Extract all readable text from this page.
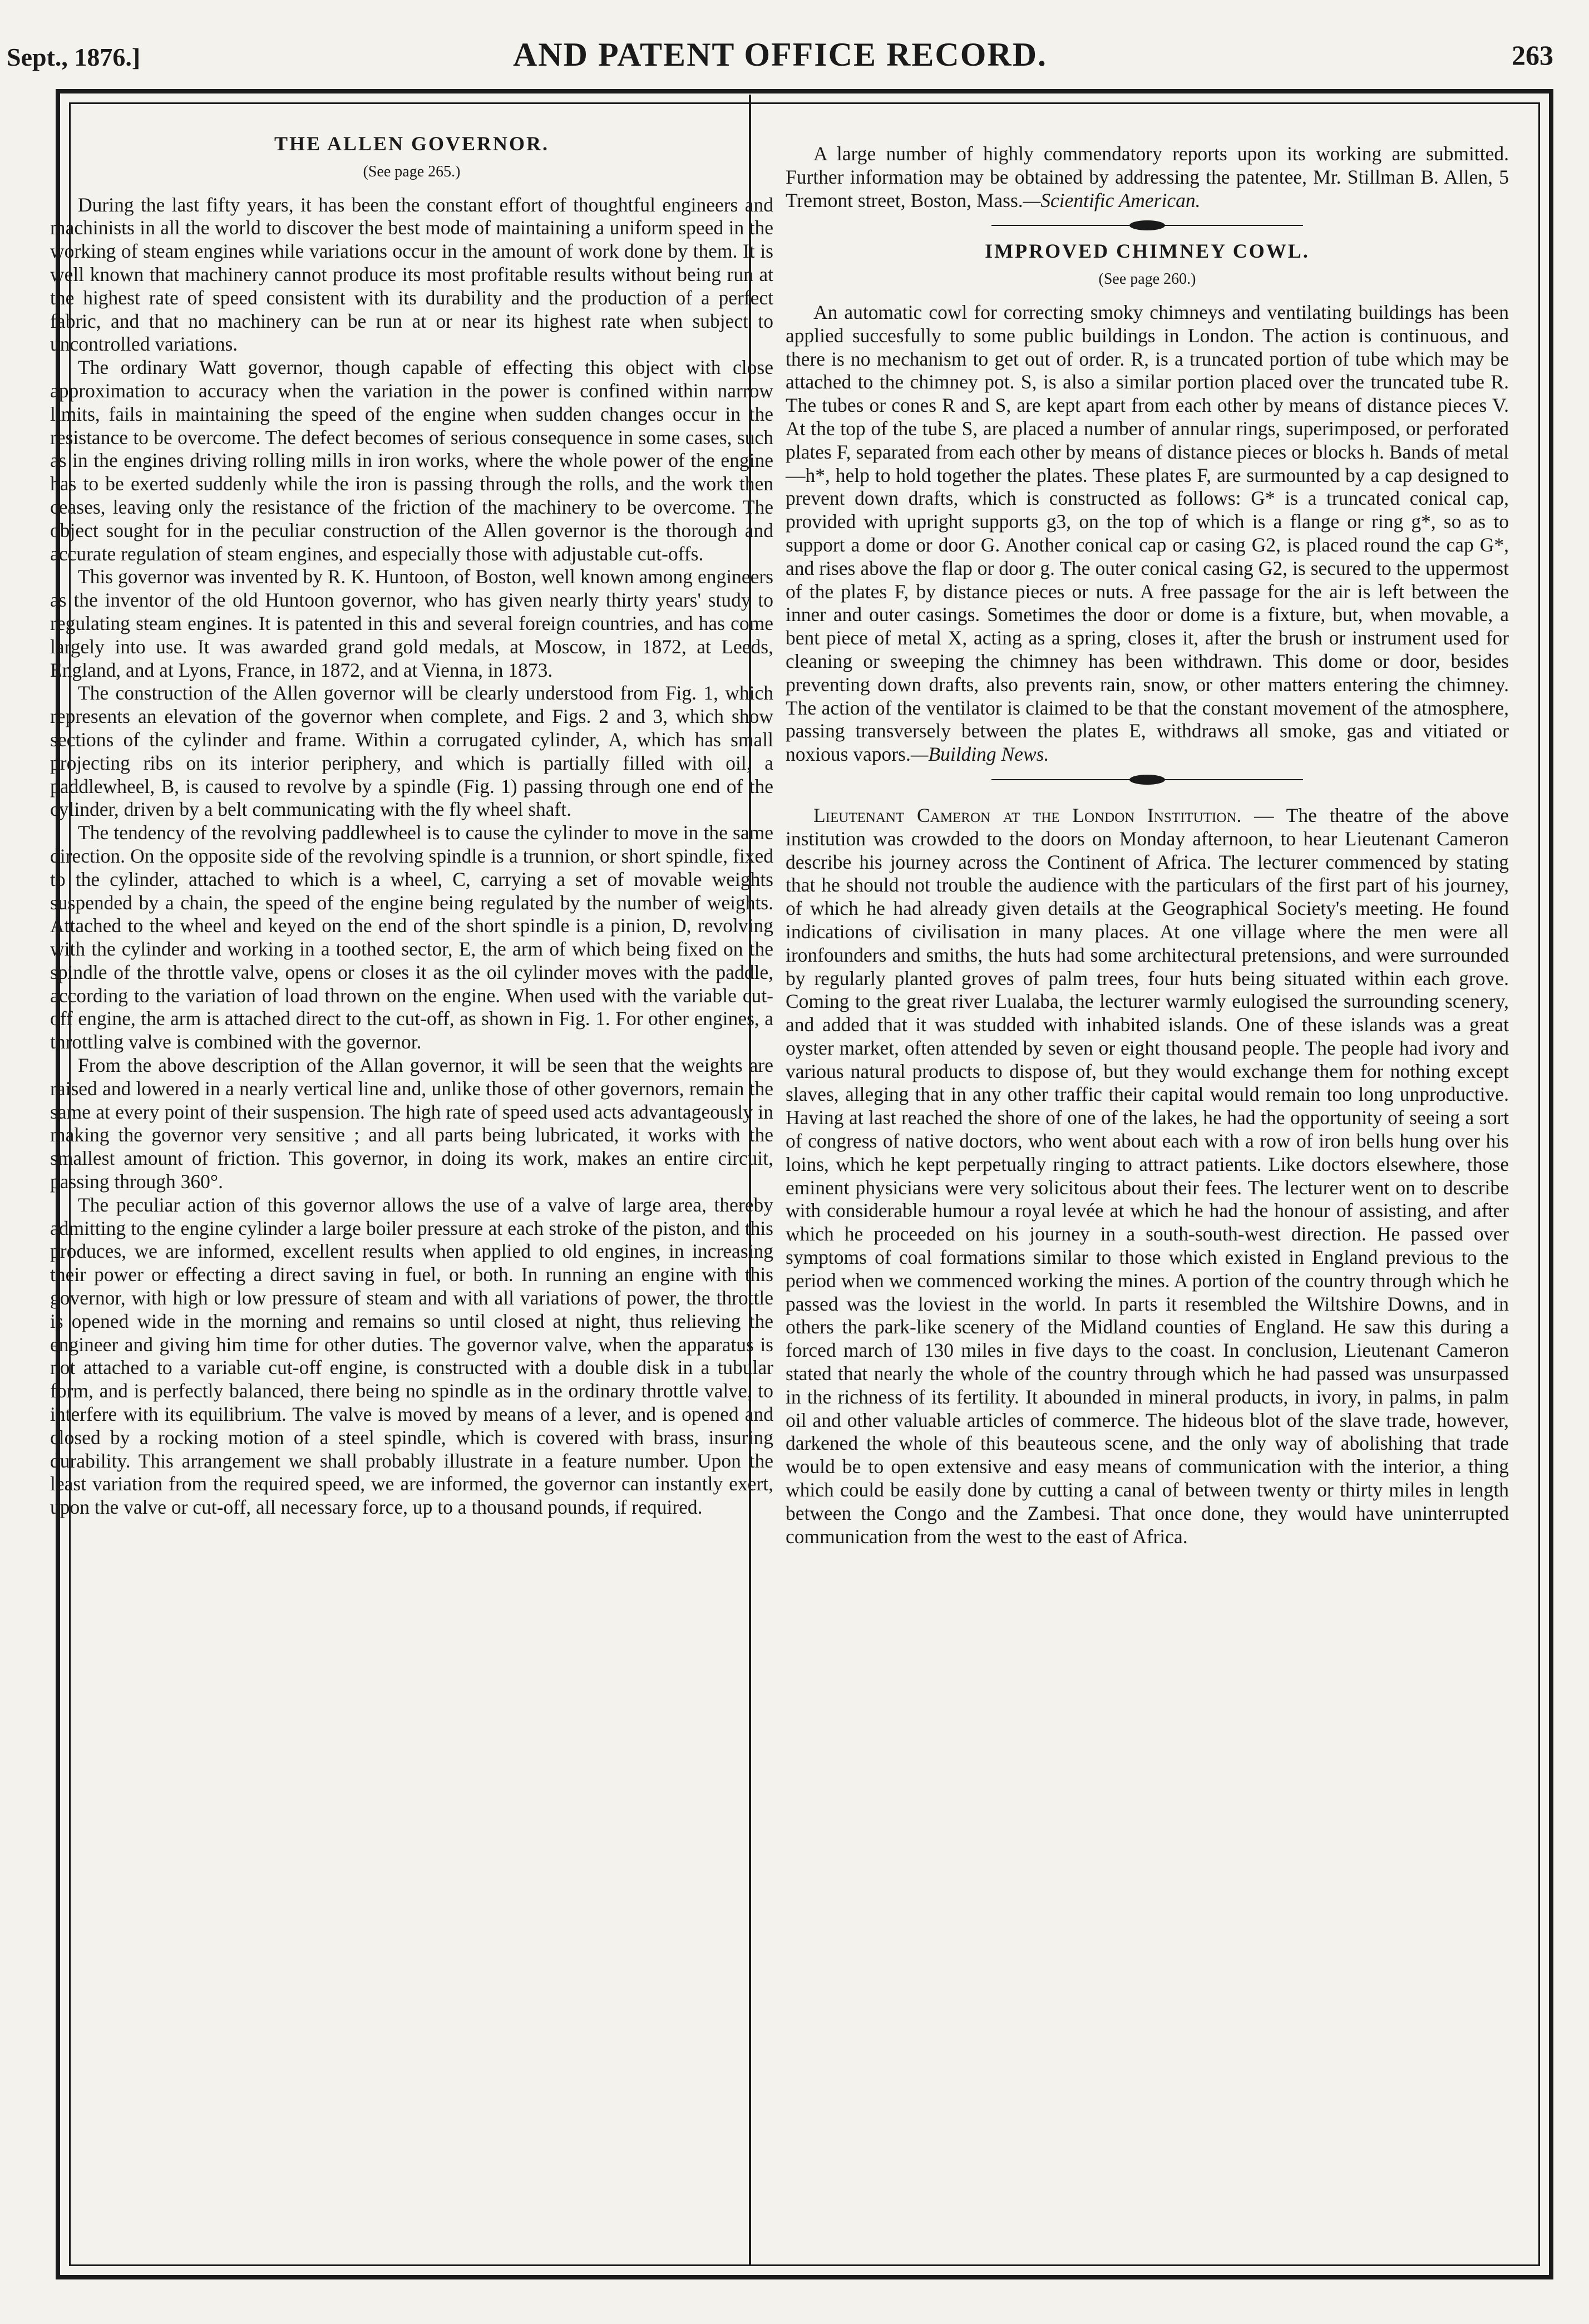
Sept., 1876.]	AND PATENT OFFICE RECORD.	263
THE ALLEN GOVERNOR.
(See page 265.)

During the last fifty years, it has been the constant effort of thoughtful engineers and machinists in all the world to discover the best mode of maintaining a uniform speed in the working of steam engines while variations occur in the amount of work done by them. It is well known that machinery cannot produce its most profitable results without being run at the highest rate of speed consistent with its durability and the production of a perfect fabric, and that no machinery can be run at or near its highest rate when subject to uncontrolled variations.

The ordinary Watt governor, though capable of effecting this object with close approximation to accuracy when the variation in the power is confined within narrow limits, fails in maintaining the speed of the engine when sudden changes occur in the resistance to be overcome. The defect becomes of serious consequence in some cases, such as in the engines driving rolling mills in iron works, where the whole power of the engine has to be exerted suddenly while the iron is passing through the rolls, and the work then ceases, leaving only the resistance of the friction of the machinery to be overcome. The object sought for in the peculiar construction of the Allen governor is the thorough and accurate regulation of steam engines, and especially those with adjustable cut-offs.

This governor was invented by R. K. Huntoon, of Boston, well known among engineers as the inventor of the old Huntoon governor, who has given nearly thirty years' study to regulating steam engines. It is patented in this and several foreign countries, and has come largely into use. It was awarded grand gold medals, at Moscow, in 1872, at Leeds, England, and at Lyons, France, in 1872, and at Vienna, in 1873.

The construction of the Allen governor will be clearly understood from Fig. 1, which represents an elevation of the governor when complete, and Figs. 2 and 3, which show sections of the cylinder and frame. Within a corrugated cylinder, A, which has small projecting ribs on its interior periphery, and which is partially filled with oil, a paddlewheel, B, is caused to revolve by a spindle (Fig. 1) passing through one end of the cylinder, driven by a belt communicating with the fly wheel shaft.

The tendency of the revolving paddlewheel is to cause the cylinder to move in the same direction. On the opposite side of the revolving spindle is a trunnion, or short spindle, fixed to the cylinder, attached to which is a wheel, C, carrying a set of movable weights suspended by a chain, the speed of the engine being regulated by the number of weights. Attached to the wheel and keyed on the end of the short spindle is a pinion, D, revolving with the cylinder and working in a toothed sector, E, the arm of which being fixed on the spindle of the throttle valve, opens or closes it as the oil cylinder moves with the paddle, according to the variation of load thrown on the engine. When used with the variable cut-off engine, the arm is attached direct to the cut-off, as shown in Fig. 1. For other engines, a throttling valve is combined with the governor.

From the above description of the Allan governor, it will be seen that the weights are raised and lowered in a nearly vertical line and, unlike those of other governors, remain the same at every point of their suspension. The high rate of speed used acts advantageously in making the governor very sensitive ; and all parts being lubricated, it works with the smallest amount of friction. This governor, in doing its work, makes an entire circuit, passing through 360°.

The peculiar action of this governor allows the use of a valve of large area, thereby admitting to the engine cylinder a large boiler pressure at each stroke of the piston, and this produces, we are informed, excellent results when applied to old engines, in increasing their power or effecting a direct saving in fuel, or both. In running an engine with this governor, with high or low pressure of steam and with all variations of power, the throttle is opened wide in the morning and remains so until closed at night, thus relieving the engineer and giving him time for other duties. The governor valve, when the apparatus is not attached to a variable cut-off engine, is constructed with a double disk in a tubular form, and is perfectly balanced, there being no spindle as in the ordinary throttle valve, to interfere with its equilibrium. The valve is moved by means of a lever, and is opened and closed by a rocking motion of a steel spindle, which is covered with brass, insuring durability. This arrangement we shall probably illustrate in a feature number. Upon the least variation from the required speed, we are informed, the governor can instantly exert, upon the valve or cut-off, all necessary force, up to a thousand pounds, if required.

A large number of highly commendatory reports upon its working are submitted. Further information may be obtained by addressing the patentee, Mr. Stillman B. Allen, 5 Tremont street, Boston, Mass.—Scientific American.

IMPROVED CHIMNEY COWL.
(See page 260.)

An automatic cowl for correcting smoky chimneys and ventilating buildings has been applied succesfully to some public buildings in London. The action is continuous, and there is no mechanism to get out of order. R, is a truncated portion of tube which may be attached to the chimney pot. S, is also a similar portion placed over the truncated tube R. The tubes or cones R and S, are kept apart from each other by means of distance pieces V. At the top of the tube S, are placed a number of annular rings, superimposed, or perforated plates F, separated from each other by means of distance pieces or blocks h. Bands of metal —h*, help to hold together the plates. These plates F, are surmounted by a cap designed to prevent down drafts, which is constructed as follows: G* is a truncated conical cap, provided with upright supports g3, on the top of which is a flange or ring g*, so as to support a dome or door G. Another conical cap or casing G2, is placed round the cap G*, and rises above the flap or door g. The outer conical casing G2, is secured to the uppermost of the plates F, by distance pieces or nuts. A free passage for the air is left between the inner and outer casings. Sometimes the door or dome is a fixture, but, when movable, a bent piece of metal X, acting as a spring, closes it, after the brush or instrument used for cleaning or sweeping the chimney has been withdrawn. This dome or door, besides preventing down drafts, also prevents rain, snow, or other matters entering the chimney. The action of the ventilator is claimed to be that the constant movement of the atmosphere, passing transversely between the plates E, withdraws all smoke, gas and vitiated or noxious vapors.—Building News.

Lieutenant Cameron at the London Institution. — The theatre of the above institution was crowded to the doors on Monday afternoon, to hear Lieutenant Cameron describe his journey across the Continent of Africa. The lecturer commenced by stating that he should not trouble the audience with the particulars of the first part of his journey, of which he had already given details at the Geographical Society's meeting. He found indications of civilisation in many places. At one village where the men were all ironfounders and smiths, the huts had some architectural pretensions, and were surrounded by regularly planted groves of palm trees, four huts being situated within each grove. Coming to the great river Lualaba, the lecturer warmly eulogised the surrounding scenery, and added that it was studded with inhabited islands. One of these islands was a great oyster market, often attended by seven or eight thousand people. The people had ivory and various natural products to dispose of, but they would exchange them for nothing except slaves, alleging that in any other traffic their capital would remain too long unproductive. Having at last reached the shore of one of the lakes, he had the opportunity of seeing a sort of congress of native doctors, who went about each with a row of iron bells hung over his loins, which he kept perpetually ringing to attract patients. Like doctors elsewhere, those eminent physicians were very solicitous about their fees. The lecturer went on to describe with considerable humour a royal levée at which he had the honour of assisting, and after which he proceeded on his journey in a south-south-west direction. He passed over symptoms of coal formations similar to those which existed in England previous to the period when we commenced working the mines. A portion of the country through which he passed was the loviest in the world. In parts it resembled the Wiltshire Downs, and in others the park-like scenery of the Midland counties of England. He saw this during a forced march of 130 miles in five days to the coast. In conclusion, Lieutenant Cameron stated that nearly the whole of the country through which he had passed was unsurpassed in the richness of its fertility. It abounded in mineral products, in ivory, in palms, in palm oil and other valuable articles of commerce. The hideous blot of the slave trade, however, darkened the whole of this beauteous scene, and the only way of abolishing that trade would be to open extensive and easy means of communication with the interior, a thing which could be easily done by cutting a canal of between twenty or thirty miles in length between the Congo and the Zambesi. That once done, they would have uninterrupted communication from the west to the east of Africa.
